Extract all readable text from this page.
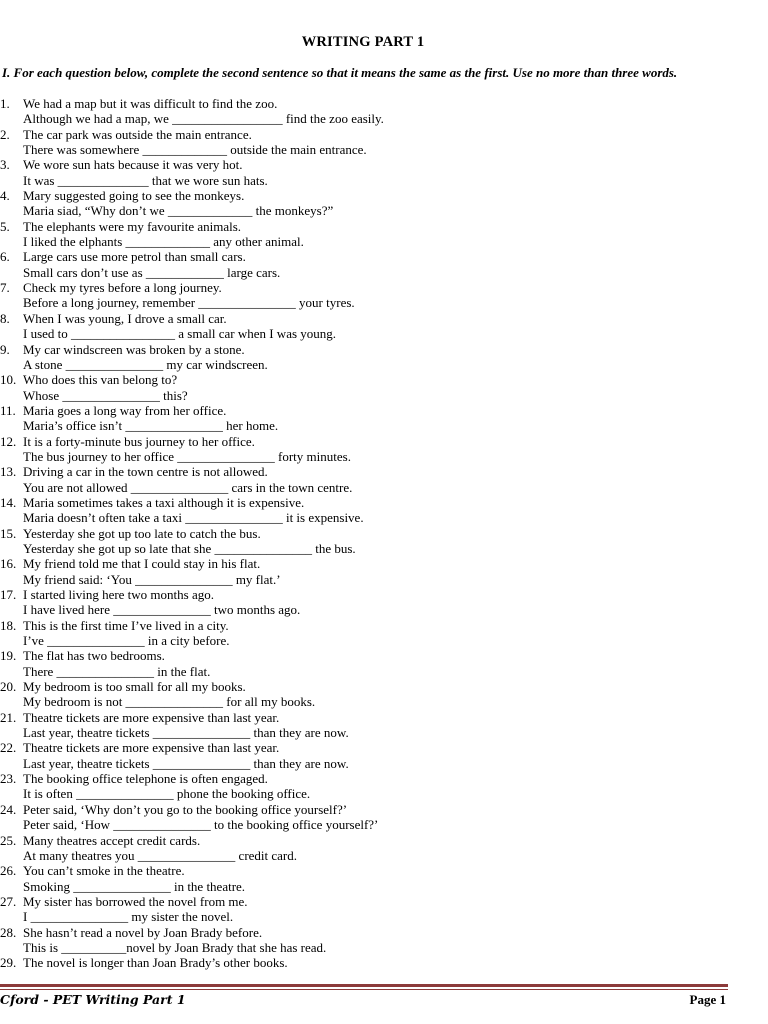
WRITING PART 1
I. For each question below, complete the second sentence so that it means the same as the first. Use no more than three words.
1.	We had a map but it was difficult to find the zoo.
Although we had a map, we _________________ find the zoo easily.
2.	The car park was outside the main entrance.
There was somewhere _____________ outside the main entrance.
3.	We wore sun hats because it was very hot.
It was ______________ that we wore sun hats.
4.	Mary suggested going to see the monkeys.
Maria siad, “Why don’t we _____________ the monkeys?”
5.	The elephants were my favourite animals.
I liked the elphants _____________ any other animal.
6.	Large cars use more petrol than small cars.
Small cars don’t use as ____________ large cars.
7.	Check my tyres before a long journey.
Before a long journey, remember _______________ your tyres.
8.	When I was young, I drove a small car.
I used to ________________ a small car when I was young.
9.	My car windscreen was broken by a stone.
A stone _______________ my car windscreen.
10. Who does this van belong to?
Whose _______________ this?
11. Maria goes a long way from her office.
Maria’s office isn’t _______________ her home.
12. It is a forty-minute bus journey to her office.
The bus journey to her office _______________ forty minutes.
13. Driving a car in the town centre is not allowed.
You are not allowed _______________ cars in the town centre.
14. Maria sometimes takes a taxi although it is expensive.
Maria doesn’t often take a taxi _______________ it is expensive.
15. Yesterday she got up too late to catch the bus.
Yesterday she got up so late that she _______________ the bus.
16. My friend told me that I could stay in his flat.
My friend said: ‘You _______________ my flat.’
17. I started living here two months ago.
I have lived here _______________ two months ago.
18. This is the first time I’ve lived in a city.
I’ve _______________ in a city before.
19. The flat has two bedrooms.
There _______________ in the flat.
20. My bedroom is too small for all my books.
My bedroom is not _______________ for all my books.
21. Theatre tickets are more expensive than last year.
Last year, theatre tickets _______________ than they are now.
22. Theatre tickets are more expensive than last year.
Last year, theatre tickets _______________ than they are now.
23. The booking office telephone is often engaged.
It is often _______________ phone the booking office.
24. Peter said, ‘Why don’t you go to the booking office yourself?’
Peter said, ‘How _______________ to the booking office yourself?’
25. Many theatres accept credit cards.
At many theatres you _______________ credit card.
26. You can’t smoke in the theatre.
Smoking _______________ in the theatre.
27. My sister has borrowed the novel from me.
I _______________ my sister the novel.
28. She hasn’t read a novel by Joan Brady before.
This is __________novel by Joan Brady that she has read.
29. The novel is longer than Joan Brady’s other books.
Cford - PET Writing Part 1	Page 1
